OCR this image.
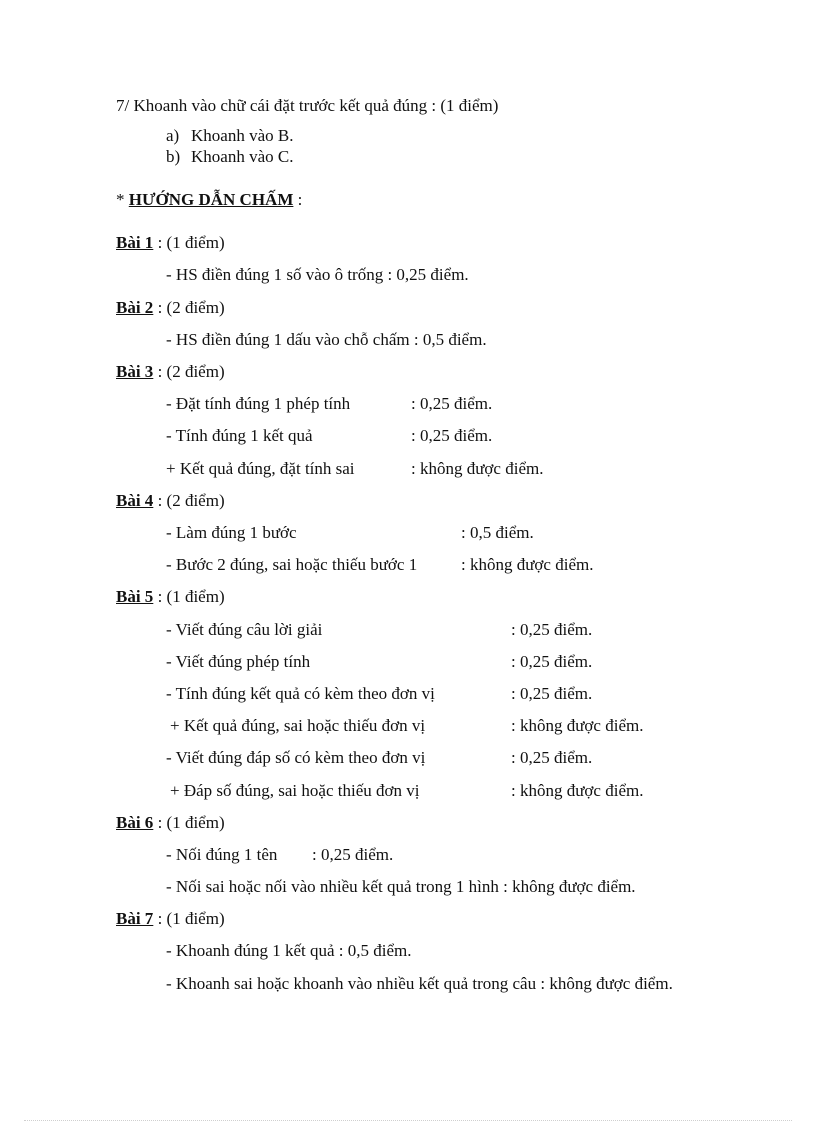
7/ Khoanh vào chữ cái đặt trước kết quả đúng : (1 điểm)
a) Khoanh vào B.
b) Khoanh vào C.
* HƯỚNG DẪN CHẤM :
Bài 1 : (1 điểm)
- HS điền đúng 1 số vào ô trống : 0,25 điểm.
Bài 2 : (2 điểm)
- HS điền đúng 1 dấu vào chỗ chấm : 0,5 điểm.
Bài 3 : (2 điểm)
- Đặt tính đúng 1 phép tính	: 0,25 điểm.
- Tính đúng 1 kết quả	: 0,25 điểm.
+ Kết quả đúng, đặt tính sai	: không được điểm.
Bài 4 : (2 điểm)
- Làm đúng 1 bước	: 0,5 điểm.
- Bước 2 đúng, sai hoặc thiếu bước 1	: không được điểm.
Bài 5 : (1 điểm)
- Viết đúng câu lời giải	: 0,25 điểm.
- Viết đúng phép tính	: 0,25 điểm.
- Tính đúng kết quả có kèm theo đơn vị	: 0,25 điểm.
+ Kết quả đúng, sai hoặc thiếu đơn vị	: không được điểm.
- Viết đúng đáp số có kèm theo đơn vị	: 0,25 điểm.
+ Đáp số đúng, sai hoặc thiếu đơn vị	: không được điểm.
Bài 6 : (1 điểm)
- Nối đúng 1 tên : 0,25 điểm.
- Nối sai hoặc nối vào nhiều kết quả trong 1 hình : không được điểm.
Bài 7 : (1 điểm)
- Khoanh đúng 1 kết quả : 0,5 điểm.
- Khoanh sai hoặc khoanh vào nhiều kết quả trong câu : không được điểm.
